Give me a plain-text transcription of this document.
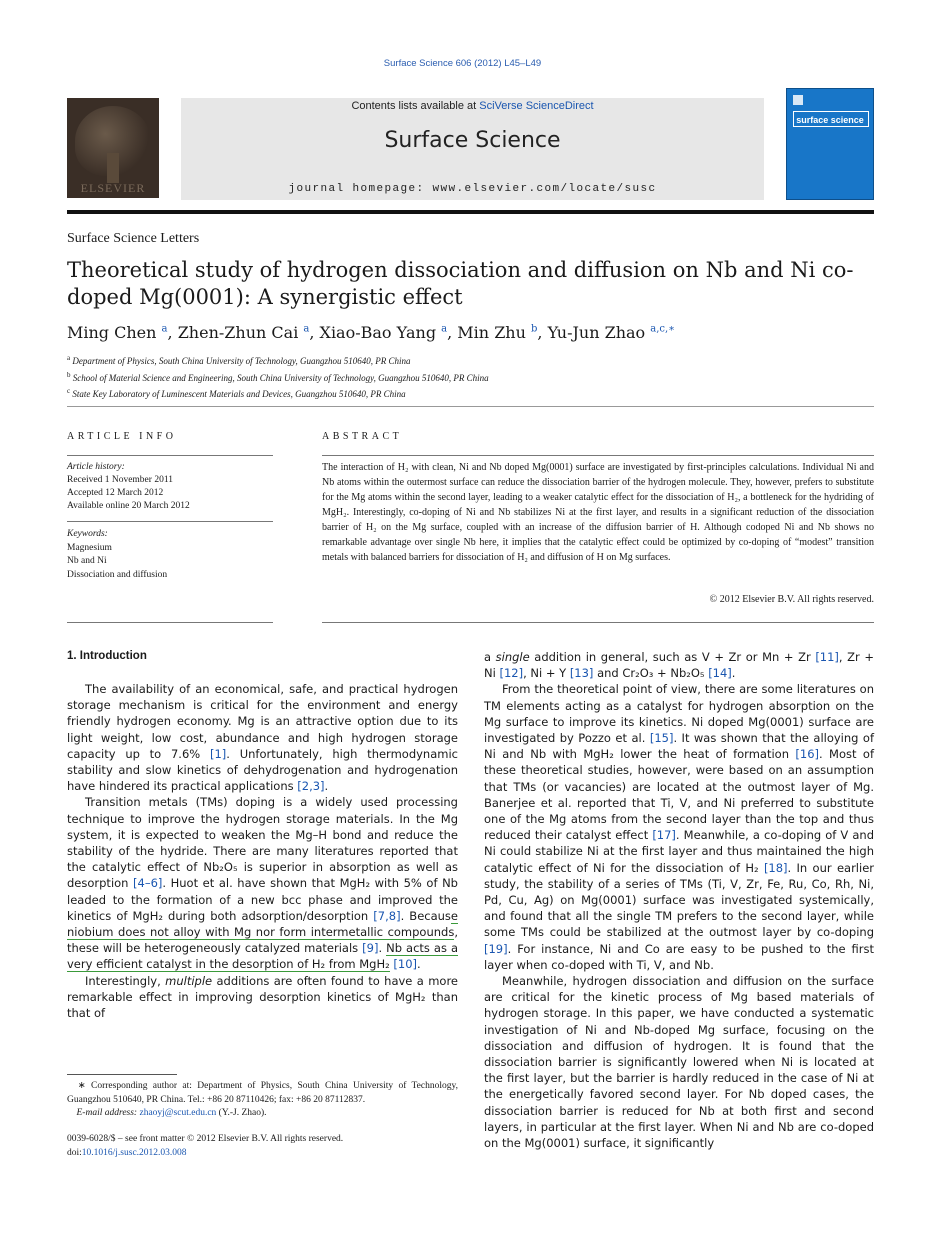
Surface Science 606 (2012) L45–L49
ELSEVIER
Contents lists available at SciVerse ScienceDirect
Surface Science
journal homepage: www.elsevier.com/locate/susc
surface science
Surface Science Letters
Theoretical study of hydrogen dissociation and diffusion on Nb and Ni co-doped Mg(0001): A synergistic effect
Ming Chen $^a$, Zhen-Zhun Cai $^a$, Xiao-Bao Yang $^a$, Min Zhu $^b$, Yu-Jun Zhao $^{a,c,∗}$
$^a$ Department of Physics, South China University of Technology, Guangzhou 510640, PR China
$^b$ School of Material Science and Engineering, South China University of Technology, Guangzhou 510640, PR China
$^c$ State Key Laboratory of Luminescent Materials and Devices, Guangzhou 510640, PR China
ARTICLE INFO	ABSTRACT
Article history:
Received 1 November 2011
Accepted 12 March 2012
Available online 20 March 2012
Keywords:
Magnesium
Nb and Ni
Dissociation and diffusion
The interaction of H₂ with clean, Ni and Nb doped Mg(0001) surface are investigated by first-principles calculations. Individual Ni and Nb atoms within the outermost surface can reduce the dissociation barrier of the hydrogen molecule. They, however, prefers to substitute for the Mg atoms within the second layer, leading to a weaker catalytic effect for the dissociation of H₂, a bottleneck for the hydriding of MgH₂. Interestingly, co-doping of Ni and Nb stabilizes Ni at the first layer, and results in a significant reduction of the dissociation barrier of H₂ on the Mg surface, coupled with an increase of the diffusion barrier of H. Although codoped Ni and Nb shows no remarkable advantage over single Nb here, it implies that the catalytic effect could be optimized by co-doping of “modest” transition metals with balanced barriers for dissociation of H₂ and diffusion of H on Mg surfaces.
© 2012 Elsevier B.V. All rights reserved.
1. Introduction

The availability of an economical, safe, and practical hydrogen storage mechanism is critical for the environment and energy friendly hydrogen economy. Mg is an attractive option due to its light weight, low cost, abundance and high hydrogen storage capacity up to 7.6% [1]. Unfortunately, high thermodynamic stability and slow kinetics of dehydrogenation and hydrogenation have hindered its practical applications [2,3].

Transition metals (TMs) doping is a widely used processing technique to improve the hydrogen storage materials. In the Mg system, it is expected to weaken the Mg–H bond and reduce the stability of the hydride. There are many literatures reported that the catalytic effect of Nb₂O₅ is superior in absorption as well as desorption [4–6]. Huot et al. have shown that MgH₂ with 5% of Nb leaded to the formation of a new bcc phase and improved the kinetics of MgH₂ during both adsorption/desorption [7,8]. Because niobium does not alloy with Mg nor form intermetallic compounds, these will be heterogeneously catalyzed materials [9]. Nb acts as a very efficient catalyst in the desorption of H₂ from MgH₂ [10].

Interestingly, multiple additions are often found to have a more remarkable effect in improving desorption kinetics of MgH₂ than that of

a single addition in general, such as V + Zr or Mn + Zr [11], Zr + Ni [12], Ni + Y [13] and Cr₂O₃ + Nb₂O₅ [14].

From the theoretical point of view, there are some literatures on TM elements acting as a catalyst for hydrogen absorption on the Mg surface to improve its kinetics. Ni doped Mg(0001) surface are investigated by Pozzo et al. [15]. It was shown that the alloying of Ni and Nb with MgH₂ lower the heat of formation [16]. Most of these theoretical studies, however, were based on an assumption that TMs (or vacancies) are located at the outmost layer of Mg. Banerjee et al. reported that Ti, V, and Ni preferred to substitute one of the Mg atoms from the second layer than the top and thus reduced their catalyst effect [17]. Meanwhile, a co-doping of V and Ni could stabilize Ni at the first layer and thus maintained the high catalytic effect of Ni for the dissociation of H₂ [18]. In our earlier study, the stability of a series of TMs (Ti, V, Zr, Fe, Ru, Co, Rh, Ni, Pd, Cu, Ag) on Mg(0001) surface was investigated systemically, and found that all the single TM prefers to the second layer, while some TMs could be stabilized at the outmost layer by co-doping [19]. For instance, Ni and Co are easy to be pushed to the first layer when co-doped with Ti, V, and Nb.

Meanwhile, hydrogen dissociation and diffusion on the surface are critical for the kinetic process of Mg based materials of hydrogen storage. In this paper, we have conducted a systematic investigation of Ni and Nb-doped Mg surface, focusing on the dissociation and diffusion of hydrogen. It is found that the dissociation barrier is significantly lowered when Ni is located at the first layer, but the barrier is hardly reduced in the case of Ni at the energetically favored second layer. For Nb doped cases, the dissociation barrier is reduced for Nb at both first and second layers, in particular at the first layer. When Ni and Nb are co-doped on the Mg(0001) surface, it significantly

∗ Corresponding author at: Department of Physics, South China University of Technology, Guangzhou 510640, PR China. Tel.: +86 20 87110426; fax: +86 20 87112837.
E-mail address: zhaoyj@scut.edu.cn (Y.-J. Zhao).
0039-6028/$ – see front matter © 2012 Elsevier B.V. All rights reserved.
doi:10.1016/j.susc.2012.03.008
